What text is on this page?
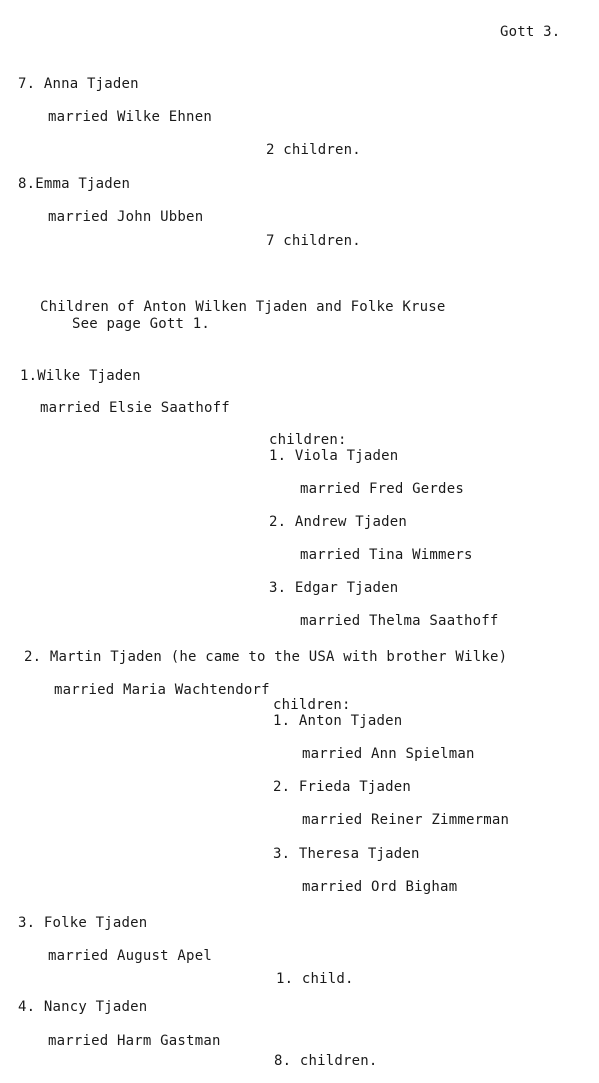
Gott 3.
7. Anna Tjaden
married Wilke Ehnen
2 children.
8.Emma Tjaden
married John Ubben
7 children.
Children of Anton Wilken Tjaden and Folke Kruse
See page Gott 1.
1.Wilke Tjaden
married Elsie Saathoff
children:
1. Viola Tjaden
married Fred Gerdes
2. Andrew Tjaden
married Tina Wimmers
3. Edgar Tjaden
married Thelma Saathoff
2. Martin Tjaden (he came to the USA with brother Wilke)
married Maria Wachtendorf
children:
1. Anton Tjaden
married Ann Spielman
2. Frieda Tjaden
married Reiner Zimmerman
3. Theresa Tjaden
married Ord Bigham
3. Folke Tjaden
married August Apel
1. child.
4. Nancy Tjaden
married Harm Gastman
8. children.
